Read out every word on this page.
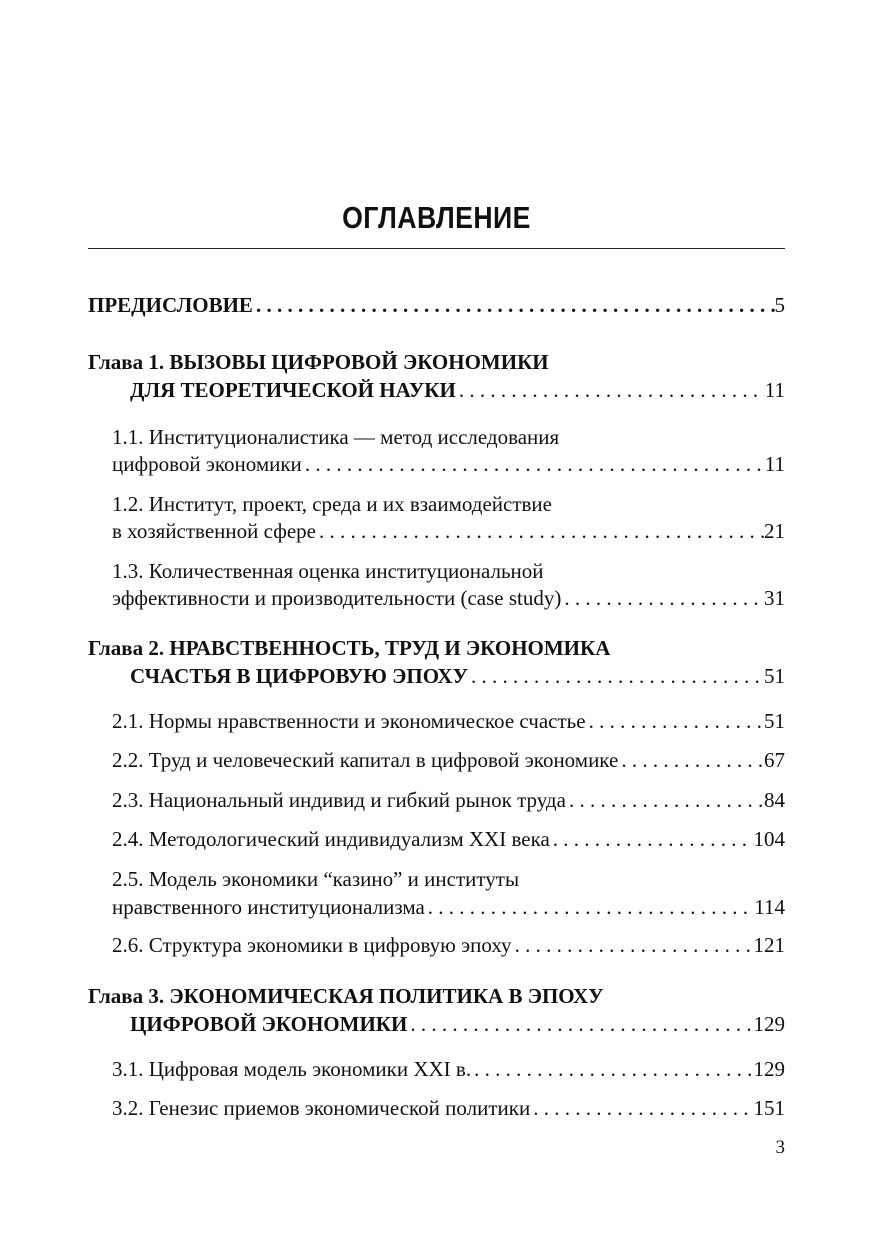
ОГЛАВЛЕНИЕ
ПРЕДИСЛОВИЕ . . .	5
Глава 1. ВЫЗОВЫ ЦИФРОВОЙ ЭКОНОМИКИ
ДЛЯ ТЕОРЕТИЧЕСКОЙ НАУКИ . . .	11
1.1. Институционалистика — метод исследования
цифровой экономики . . .	11
1.2. Институт, проект, среда и их взаимодействие
в хозяйственной сфере . . .	21
1.3. Количественная оценка институциональной
эффективности и производительности (case study) . . .	31
Глава 2. НРАВСТВЕННОСТЬ, ТРУД И ЭКОНОМИКА
СЧАСТЬЯ В ЦИФРОВУЮ ЭПОХУ . . .	51
2.1. Нормы нравственности и экономическое счастье . . .	51
2.2. Труд и человеческий капитал в цифровой экономике . . .	67
2.3. Национальный индивид и гибкий рынок труда . . .	84
2.4. Методологический индивидуализм XXI века . . .	104
2.5. Модель экономики “казино” и институты
нравственного институционализма . . .	114
2.6. Структура экономики в цифровую эпоху . . .	121
Глава 3. ЭКОНОМИЧЕСКАЯ ПОЛИТИКА В ЭПОХУ
ЦИФРОВОЙ ЭКОНОМИКИ . . .	129
3.1. Цифровая модель экономики XXI в. . . .	129
3.2. Генезис приемов экономической политики . . .	151
3
